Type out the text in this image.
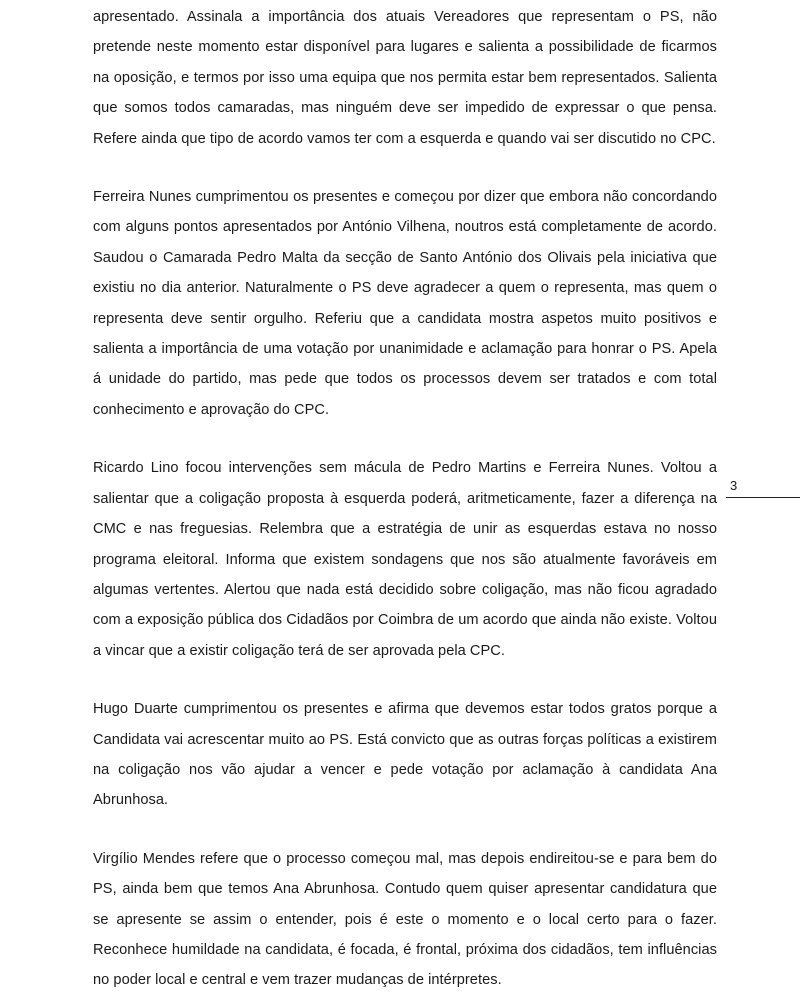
apresentado. Assinala a importância dos atuais Vereadores que representam o PS, não pretende neste momento estar disponível para lugares e salienta a possibilidade de ficarmos na oposição, e termos por isso uma equipa que nos permita estar bem representados. Salienta que somos todos camaradas, mas ninguém deve ser impedido de expressar o que pensa. Refere ainda que tipo de acordo vamos ter com a esquerda e quando vai ser discutido no CPC.

Ferreira Nunes cumprimentou os presentes e começou por dizer que embora não concordando com alguns pontos apresentados por António Vilhena, noutros está completamente de acordo. Saudou o Camarada Pedro Malta da secção de Santo António dos Olivais pela iniciativa que existiu no dia anterior. Naturalmente o PS deve agradecer a quem o representa, mas quem o representa deve sentir orgulho. Referiu que a candidata mostra aspetos muito positivos e salienta a importância de uma votação por unanimidade e aclamação para honrar o PS. Apela á unidade do partido, mas pede que todos os processos devem ser tratados e com total conhecimento e aprovação do CPC.

Ricardo Lino focou intervenções sem mácula de Pedro Martins e Ferreira Nunes. Voltou a salientar que a coligação proposta à esquerda poderá, aritmeticamente, fazer a diferença na CMC e nas freguesias. Relembra que a estratégia de unir as esquerdas estava no nosso programa eleitoral. Informa que existem sondagens que nos são atualmente favoráveis em algumas vertentes. Alertou que nada está decidido sobre coligação, mas não ficou agradado com a exposição pública dos Cidadãos por Coimbra de um acordo que ainda não existe. Voltou a vincar que a existir coligação terá de ser aprovada pela CPC.

Hugo Duarte cumprimentou os presentes e afirma que devemos estar todos gratos porque a Candidata vai acrescentar muito ao PS. Está convicto que as outras forças políticas a existirem na coligação nos vão ajudar a vencer e pede votação por aclamação à candidata Ana Abrunhosa.

Virgílio Mendes refere que o processo começou mal, mas depois endireitou-se e para bem do PS, ainda bem que temos Ana Abrunhosa. Contudo quem quiser apresentar candidatura que se apresente se assim o entender, pois é este o momento e o local certo para o fazer. Reconhece humildade na candidata, é focada, é frontal, próxima dos cidadãos, tem influências no poder local e central e vem trazer mudanças de intérpretes.

3
